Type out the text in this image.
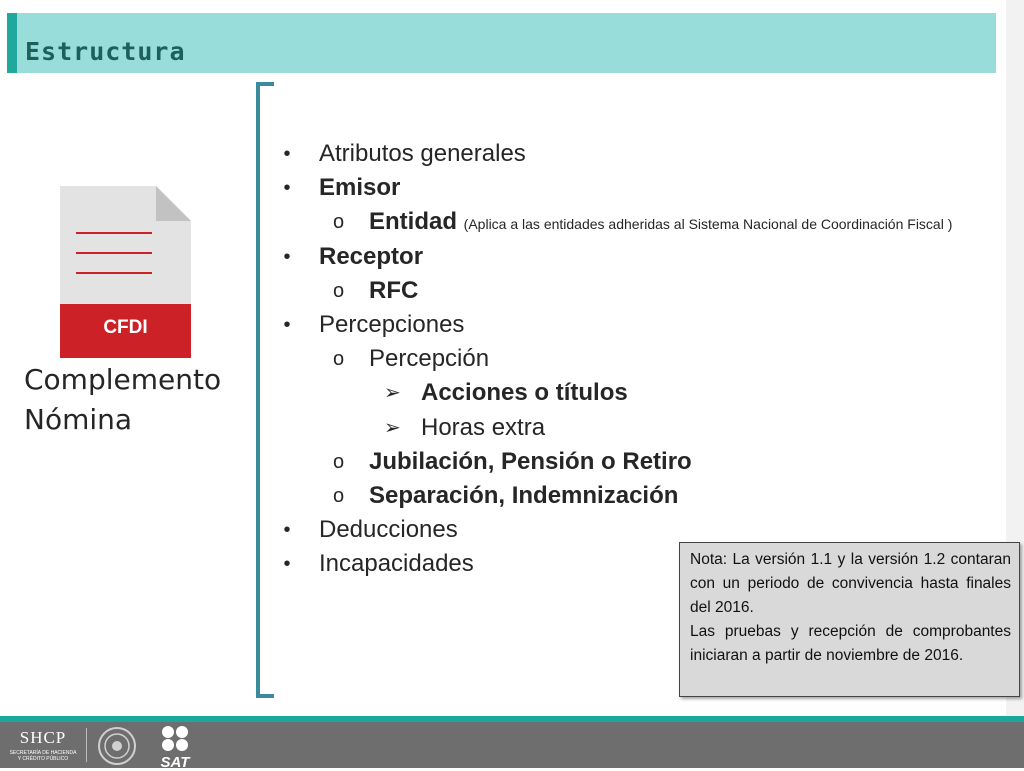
Estructura
CFDI
Complemento
Nómina
• Atributos generales
• Emisor
o Entidad (Aplica a las entidades adheridas al Sistema Nacional de Coordinación Fiscal )
• Receptor
o RFC
• Percepciones
o Percepción
➢ Acciones o títulos
➢ Horas extra
o Jubilación, Pensión o Retiro
o Separación, Indemnización
• Deducciones
• Incapacidades	Nota: La versión 1.1 y la versión 1.2 contaran con un periodo de convivencia hasta finales del 2016.

Las pruebas y recepción de comprobantes iniciaran a partir de noviembre de 2016.

SHCP
SECRETARÍA DE HACIENDA Y CRÉDITO PÚBLICO	SAT
